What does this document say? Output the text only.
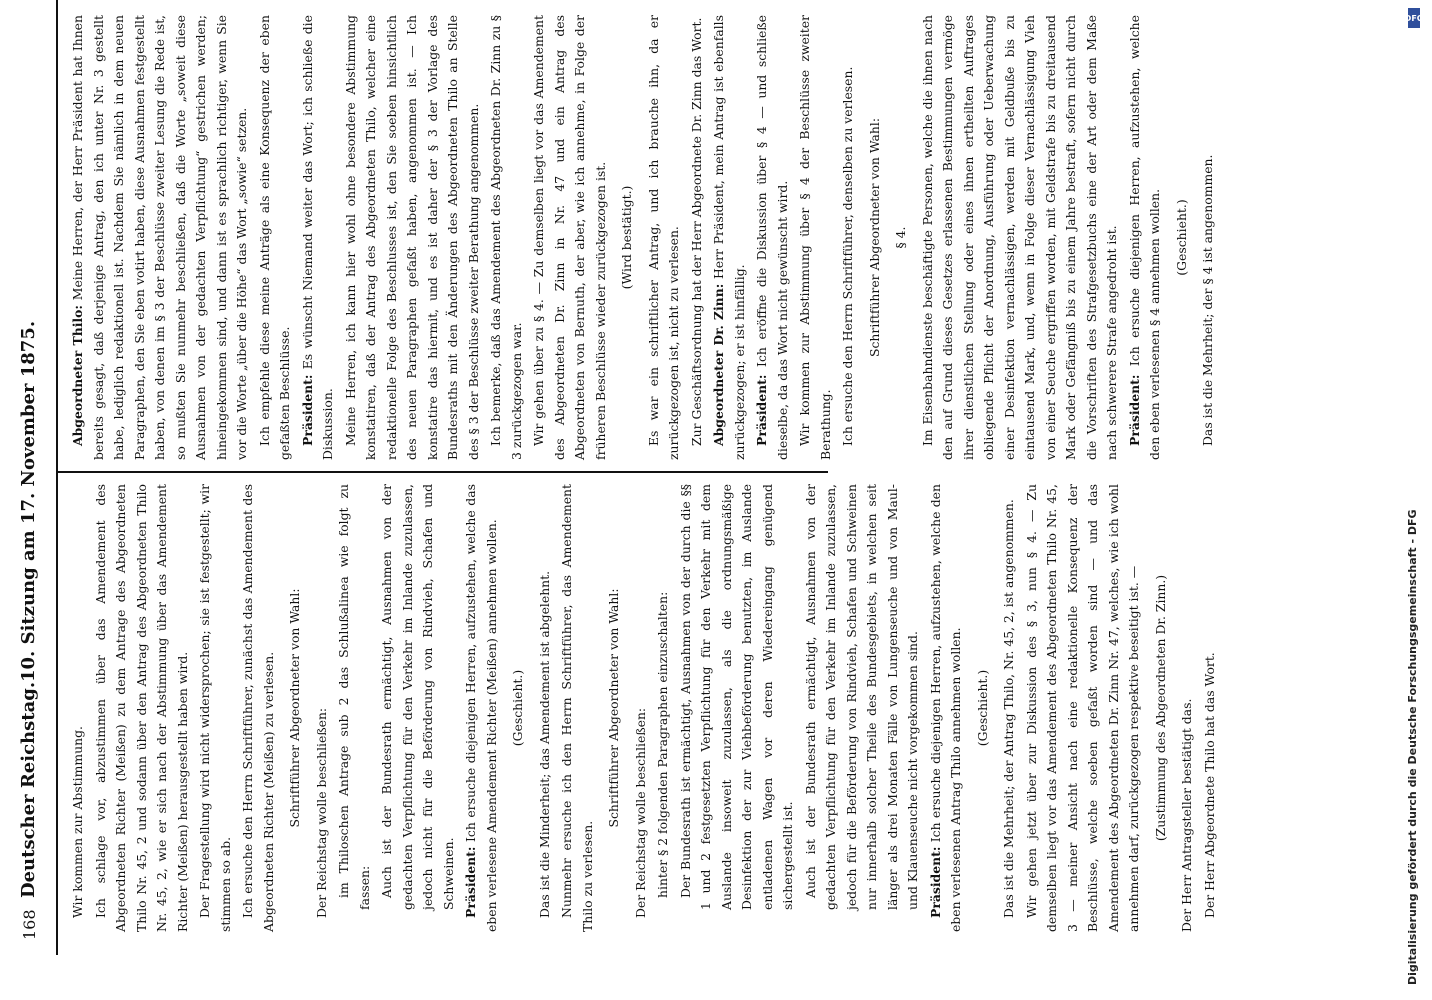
168
Deutscher Reichstag.
10. Sitzung am 17. November 1875.

Wir kommen zur Abstimmung. Ich schlage vor, abzustimmen über das Amendement des Abgeordneten Richter (Meißen) zu dem Antrage des Abgeordneten Thilo Nr. 45, 2 und sodann über den Antrag des Abgeordneten Thilo Nr. 45, 2, wie er sich nach der Abstimmung über das Amendement Richter (Meißen) herausgestellt haben wird. Der Fragestellung wird nicht widersprochen; sie ist festgestellt; wir stimmen so ab. Ich ersuche den Herrn Schriftführer, zunächst das Amendement des Abgeordneten Richter (Meißen) zu verlesen. Schriftführer Abgeordneter von Wahl: Der Reichstag wolle beschließen: im Thiloschen Antrage sub 2 das Schlußalinea wie folgt zu fassen: Auch ist der Bundesrath ermächtigt, Ausnahmen von der gedachten Verpflichtung für den Verkehr im Inlande zuzulassen, jedoch nicht für die Beförderung von Rindvieh, Schafen und Schweinen. Präsident: Ich ersuche diejenigen Herren, aufzustehen, welche das eben verlesene Amendement Richter (Meißen) annehmen wollen. (Geschieht.) Das ist die Minderheit; das Amendement ist abgelehnt. Nunmehr ersuche ich den Herrn Schriftführer, das Amendement Thilo zu verlesen.

Schriftführer Abgeordneter von Wahl: Der Reichstag wolle beschließen: hinter § 2 folgenden Paragraphen einzuschalten: Der Bundesrath ist ermächtigt, Ausnahmen von der durch die §§ 1 und 2 festgesetzten Verpflichtung für den Verkehr mit dem Auslande insoweit zuzulassen, als die ordnungsmäßige Desinfektion der zur Viehbeförderung benutzten, im Auslande entladenen Wagen vor deren Wiedereingang genügend sichergestellt ist. Auch ist der Bundesrath ermächtigt, Ausnahmen von der gedachten Verpflichtung für den Verkehr im Inlande zuzulassen, jedoch für die Beförderung von Rindvieh, Schafen und Schweinen nur innerhalb solcher Theile des Bundesgebiets, in welchen seit länger als drei Monaten Fälle von Lungenseuche und von Maul- und Klauenseuche nicht vorgekommen sind. Präsident: Ich ersuche diejenigen Herren, aufzustehen, welche den eben verlesenen Antrag Thilo annehmen wollen. (Geschieht.) Das ist die Mehrheit; der Antrag Thilo, Nr. 45, 2, ist angenommen. Wir gehen jetzt über zur Diskussion des § 3, nun § 4. — Zu demselben liegt vor das Amendement des Abgeordneten Thilo Nr. 45, 3 — meiner Ansicht nach eine redaktionelle Konsequenz der Beschlüsse, welche soeben gefaßt worden sind — und das Amendement des Abgeordneten Dr. Zinn Nr. 47, welches, wie ich wohl annehmen darf, zurückgezogen respektive beseitigt ist. — (Zustimmung des Abgeordneten Dr. Zinn.) Der Herr Antragsteller bestätigt das. Der Herr Abgeordnete Thilo hat das Wort.

Abgeordneter Thilo: Meine Herren, der Herr Präsident hat Ihnen bereits gesagt, daß derjenige Antrag, den ich unter Nr. 3 gestellt habe, lediglich redaktionell ist. Nachdem Sie nämlich in dem neuen Paragraphen, den Sie eben votirt haben, diese Ausnahmen festgestellt haben, von denen im § 3 der Beschlüsse zweiter Lesung die Rede ist, so mußten Sie nunmehr beschließen, daß die Worte „soweit diese Ausnahmen von der gedachten Verpflichtung“ gestrichen werden; hineingekommen sind, und dann ist es sprachlich richtiger, wenn Sie vor die Worte „über die Höhe“ das Wort „sowie“ setzen. Ich empfehle diese meine Anträge als eine Konsequenz der eben gefaßten Beschlüsse. Präsident: Es wünscht Niemand weiter das Wort; ich schließe die Diskussion. Meine Herren, ich kann hier wohl ohne besondere Abstimmung konstatiren, daß der Antrag des Abgeordneten Thilo, welcher eine redaktionelle Folge des Beschlusses ist, den Sie soeben hinsichtlich des neuen Paragraphen gefaßt haben, angenommen ist. — Ich konstatire das hiermit, und es ist daher der § 3 der Vorlage des Bundesraths mit den Änderungen des Abgeordneten Thilo an Stelle des § 3 der Beschlüsse zweiter Berathung angenommen. Ich bemerke, daß das Amendement des Abgeordneten Dr. Zinn zu § 3 zurückgezogen war. Wir gehen über zu § 4. — Zu demselben liegt vor das Amendement des Abgeordneten Dr. Zinn in Nr. 47 und ein Antrag des Abgeordneten von Bernuth, der aber, wie ich annehme, in Folge der früheren Beschlüsse wieder zurückgezogen ist. (Wird bestätigt.) Es war ein schriftlicher Antrag, und ich brauche ihn, da er zurückgezogen ist, nicht zu verlesen. Zur Geschäftsordnung hat der Herr Abgeordnete Dr. Zinn das Wort. Abgeordneter Dr. Zinn: Herr Präsident, mein Antrag ist ebenfalls zurückgezogen; er ist hinfällig. Präsident: Ich eröffne die Diskussion über § 4 — und schließe dieselbe, da das Wort nicht gewünscht wird. Wir kommen zur Abstimmung über § 4 der Beschlüsse zweiter Berathung. Ich ersuche den Herrn Schriftführer, denselben zu verlesen. Schriftführer Abgeordneter von Wahl: § 4. Im Eisenbahndienste beschäftigte Personen, welche die ihnen nach den auf Grund dieses Gesetzes erlassenen Bestimmungen vermöge ihrer dienstlichen Stellung oder eines ihnen ertheilten Auftrages obliegende Pflicht der Anordnung, Ausführung oder Ueberwachung einer Desinfektion vernachlässigen, werden mit Geldbuße bis zu eintausend Mark, und, wenn in Folge dieser Vernachlässigung Vieh von einer Seuche ergriffen worden, mit Geldstrafe bis zu dreitausend Mark oder Gefängniß bis zu einem Jahre bestraft, sofern nicht durch die Vorschriften des Strafgesetzbuchs eine der Art oder dem Maße nach schwerere Strafe angedroht ist. Präsident: Ich ersuche diejenigen Herren, aufzustehen, welche den eben verlesenen § 4 annehmen wollen. (Geschieht.) Das ist die Mehrheit; der § 4 ist angenommen.

DFG
Digitalisierung gefördert durch die Deutsche Forschungsgemeinschaft - DFG
